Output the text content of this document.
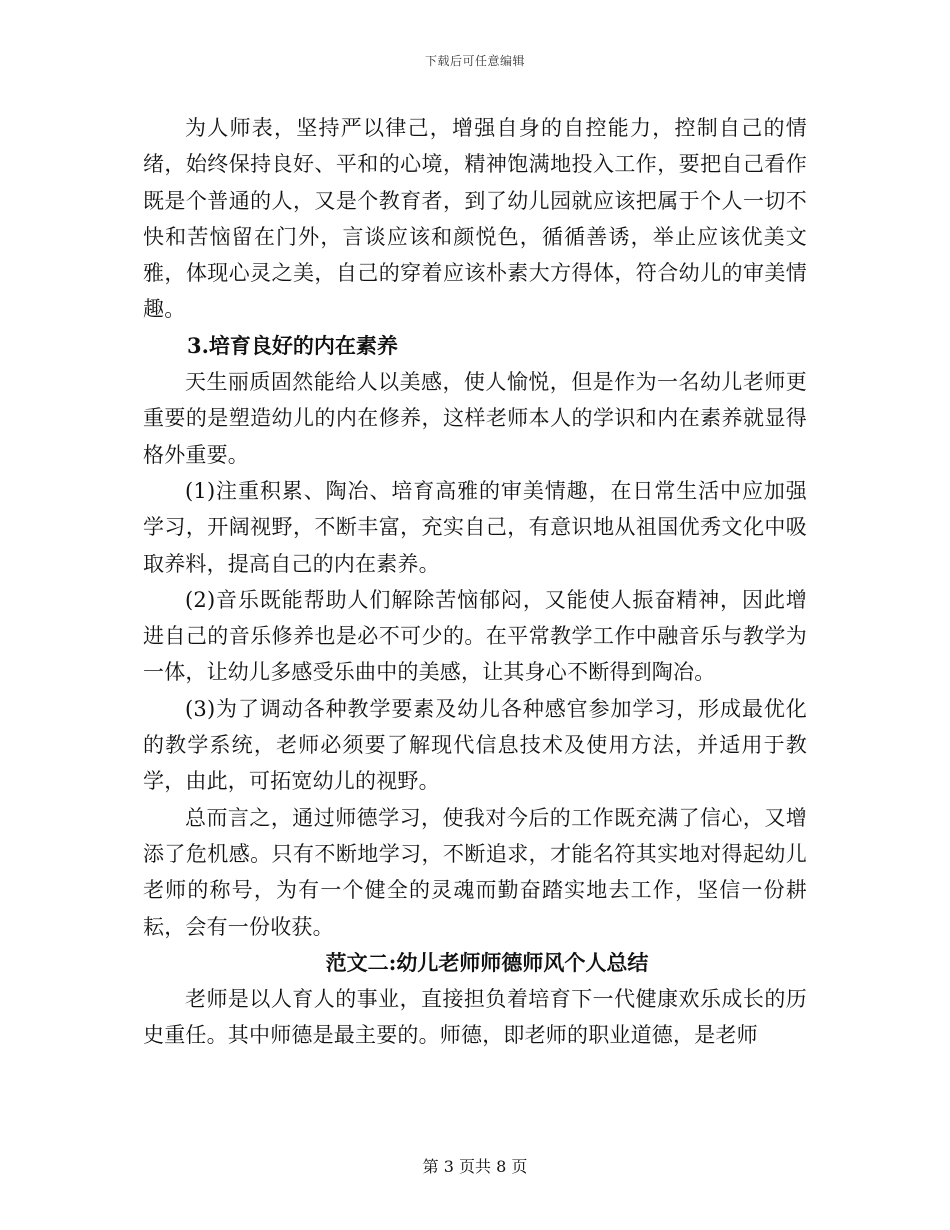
下载后可任意编辑

为人师表，坚持严以律己，增强自身的自控能力，控制自己的情绪，始终保持良好、平和的心境，精神饱满地投入工作，要把自己看作既是个普通的人，又是个教育者，到了幼儿园就应该把属于个人一切不快和苦恼留在门外，言谈应该和颜悦色，循循善诱，举止应该优美文雅，体现心灵之美，自己的穿着应该朴素大方得体，符合幼儿的审美情趣。

3.培育良好的内在素养

天生丽质固然能给人以美感，使人愉悦，但是作为一名幼儿老师更重要的是塑造幼儿的内在修养，这样老师本人的学识和内在素养就显得格外重要。

(1)注重积累、陶冶、培育高雅的审美情趣，在日常生活中应加强学习，开阔视野，不断丰富，充实自己，有意识地从祖国优秀文化中吸取养料，提高自己的内在素养。

(2)音乐既能帮助人们解除苦恼郁闷，又能使人振奋精神，因此增进自己的音乐修养也是必不可少的。在平常教学工作中融音乐与教学为一体，让幼儿多感受乐曲中的美感，让其身心不断得到陶冶。

(3)为了调动各种教学要素及幼儿各种感官参加学习，形成最优化的教学系统，老师必须要了解现代信息技术及使用方法，并适用于教学，由此，可拓宽幼儿的视野。

总而言之，通过师德学习，使我对今后的工作既充满了信心，又增添了危机感。只有不断地学习，不断追求，才能名符其实地对得起幼儿老师的称号，为有一个健全的灵魂而勤奋踏实地去工作，坚信一份耕耘，会有一份收获。

范文二:幼儿老师师德师风个人总结

老师是以人育人的事业，直接担负着培育下一代健康欢乐成长的历史重任。其中师德是最主要的。师德，即老师的职业道德，是老师

第 3 页共 8 页
